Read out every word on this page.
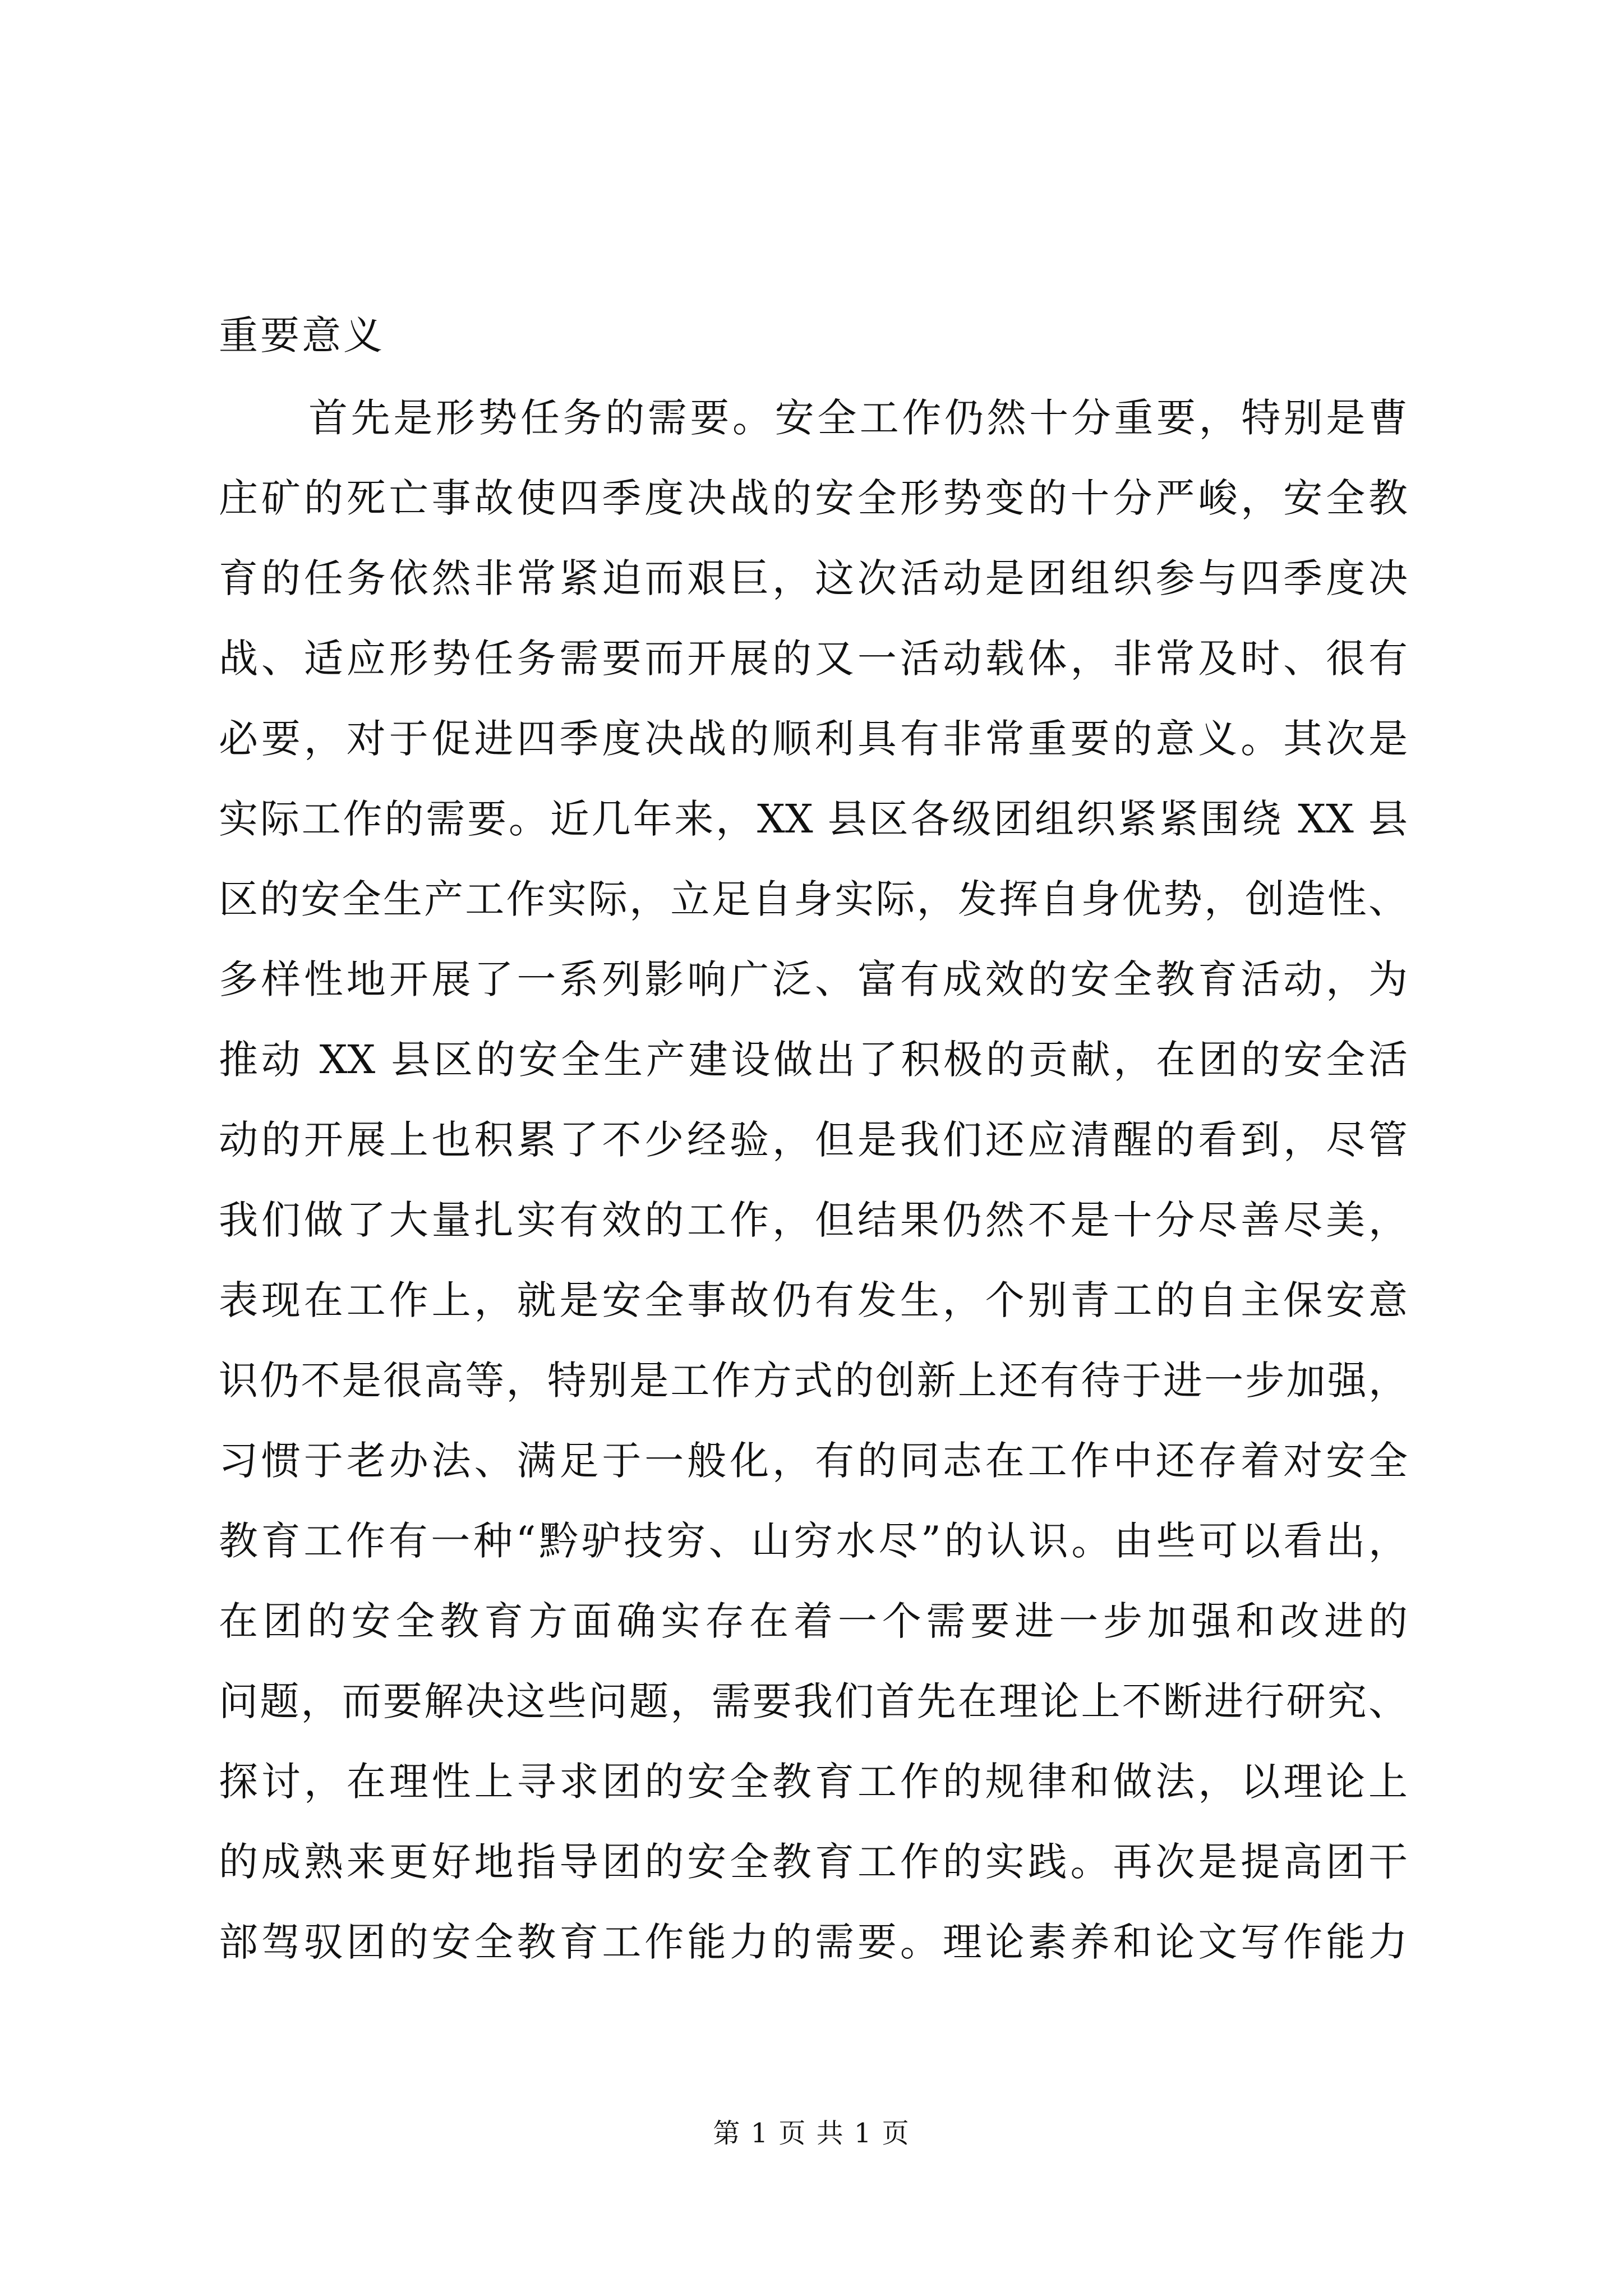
重要意义
首先是形势任务的需要。安全工作仍然十分重要，特别是曹
庄矿的死亡事故使四季度决战的安全形势变的十分严峻，安全教
育的任务依然非常紧迫而艰巨，这次活动是团组织参与四季度决
战、适应形势任务需要而开展的又一活动载体，非常及时、很有
必要，对于促进四季度决战的顺利具有非常重要的意义。其次是
实际工作的需要。近几年来，XX 县区各级团组织紧紧围绕 XX 县
区的安全生产工作实际，立足自身实际，发挥自身优势，创造性、
多样性地开展了一系列影响广泛、富有成效的安全教育活动，为
推动 XX 县区的安全生产建设做出了积极的贡献，在团的安全活
动的开展上也积累了不少经验，但是我们还应清醒的看到，尽管
我们做了大量扎实有效的工作，但结果仍然不是十分尽善尽美，
表现在工作上，就是安全事故仍有发生，个别青工的自主保安意
识仍不是很高等，特别是工作方式的创新上还有待于进一步加强，
习惯于老办法、满足于一般化，有的同志在工作中还存着对安全
教育工作有一种“黔驴技穷、山穷水尽”的认识。由些可以看出，
在团的安全教育方面确实存在着一个需要进一步加强和改进的
问题，而要解决这些问题，需要我们首先在理论上不断进行研究、
探讨，在理性上寻求团的安全教育工作的规律和做法，以理论上
的成熟来更好地指导团的安全教育工作的实践。再次是提高团干
部驾驭团的安全教育工作能力的需要。理论素养和论文写作能力
第 1 页 共 1 页
